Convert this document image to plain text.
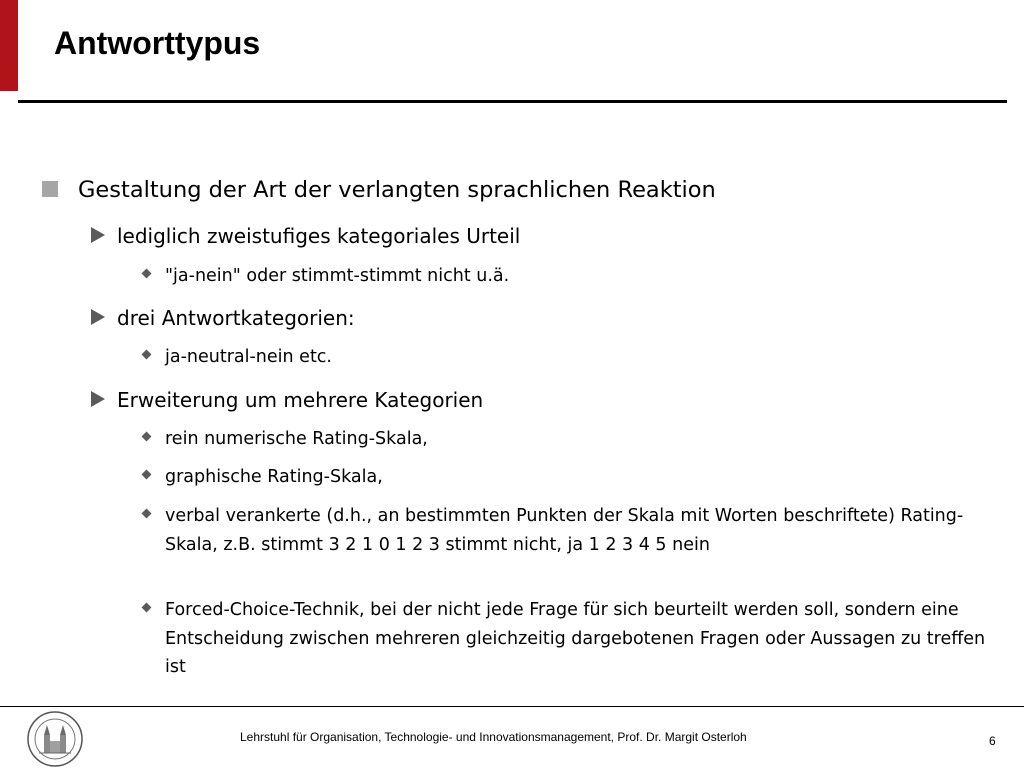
Antworttypus
Gestaltung der Art der verlangten sprachlichen Reaktion
lediglich zweistufiges kategoriales Urteil
"ja-nein" oder stimmt-stimmt nicht u.ä.
drei Antwortkategorien:
ja-neutral-nein etc.
Erweiterung um mehrere Kategorien
rein numerische Rating-Skala,
graphische Rating-Skala,
verbal verankerte (d.h., an bestimmten Punkten der Skala mit Worten beschriftete) Rating-Skala, z.B. stimmt 3 2 1 0 1 2 3 stimmt nicht, ja 1 2 3 4 5 nein
Forced-Choice-Technik, bei der nicht jede Frage für sich beurteilt werden soll, sondern eine Entscheidung zwischen mehreren gleichzeitig dargebotenen Fragen oder Aussagen zu treffen ist
Lehrstuhl für Organisation, Technologie- und Innovationsmanagement, Prof. Dr. Margit Osterloh	6
